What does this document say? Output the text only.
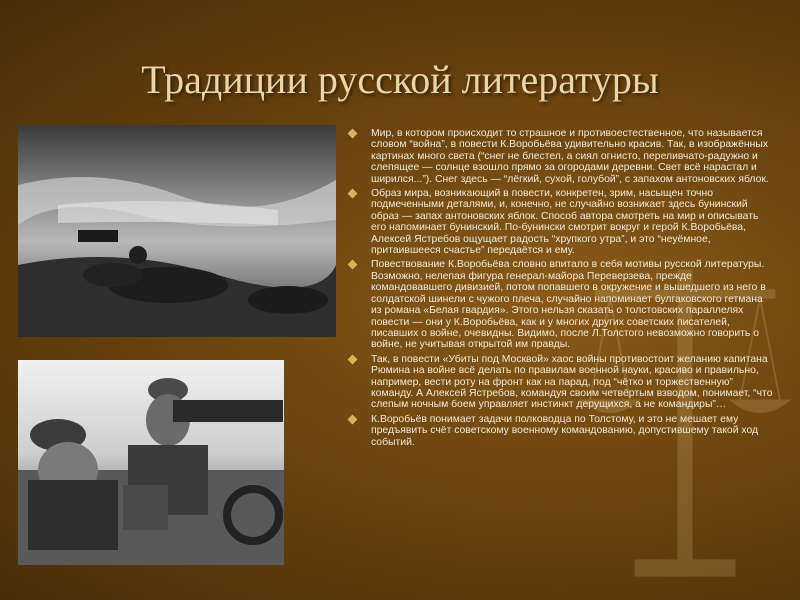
Традиции русской литературы
Мир, в котором происходит то страшное и противоестественное, что называется словом “война”, в повести К.Воробьёва удивительно красив. Так, в изображённых картинах много света (“снег не блестел, а сиял огнисто, переливчато-радужно и слепящее — солнце взошло прямо за огородами деревни. Свет всё нарастал и ширился...”). Снег здесь — “лёгкий, сухой, голубой”, с запахом антоновских яблок.
Образ мира, возникающий в повести, конкретен, зрим, насыщен точно подмеченными деталями, и, конечно, не случайно возникает здесь бунинский образ — запах антоновских яблок. Способ автора смотреть на мир и описывать его напоминает бунинский. По-бунински смотрит вокруг и герой К.Воробьёва, Алексей Ястребов ощущает радость “хрупкого утра”, и это “неуёмное, притаившееся счастье” передаётся и ему.
Повествование К.Воробьёва словно впитало в себя мотивы русской литературы. Возможно, нелепая фигура генерал-майора Переверзева, прежде командовавшего дивизией, потом попавшего в окружение и вышедшего из него в солдатской шинели с чужого плеча, случайно напоминает булгаковского гетмана из романа «Белая гвардия». Этого нельзя сказать о толстовских параллелях повести — они у К.Воробьёва, как и у многих других советских писателей, писавших о войне, очевидны. Видимо, после Л.Толстого невозможно говорить о войне, не учитывая открытой им правды.
Так, в повести «Убиты под Москвой» хаос войны противостоит желанию капитана Рюмина на войне всё делать по правилам военной науки, красиво и правильно, например, вести роту на фронт как на парад, под “чётко и торжественную” команду. А Алексей Ястребов, командуя своим четвёртым взводом, понимает, “что слепым ночным боем управляет инстинкт дерущихся, а не командиры”…
К.Воробьёв понимает задачи полководца по Толстому, и это не мешает ему предъявить счёт советскому военному командованию, допустившему такой ход событий.
